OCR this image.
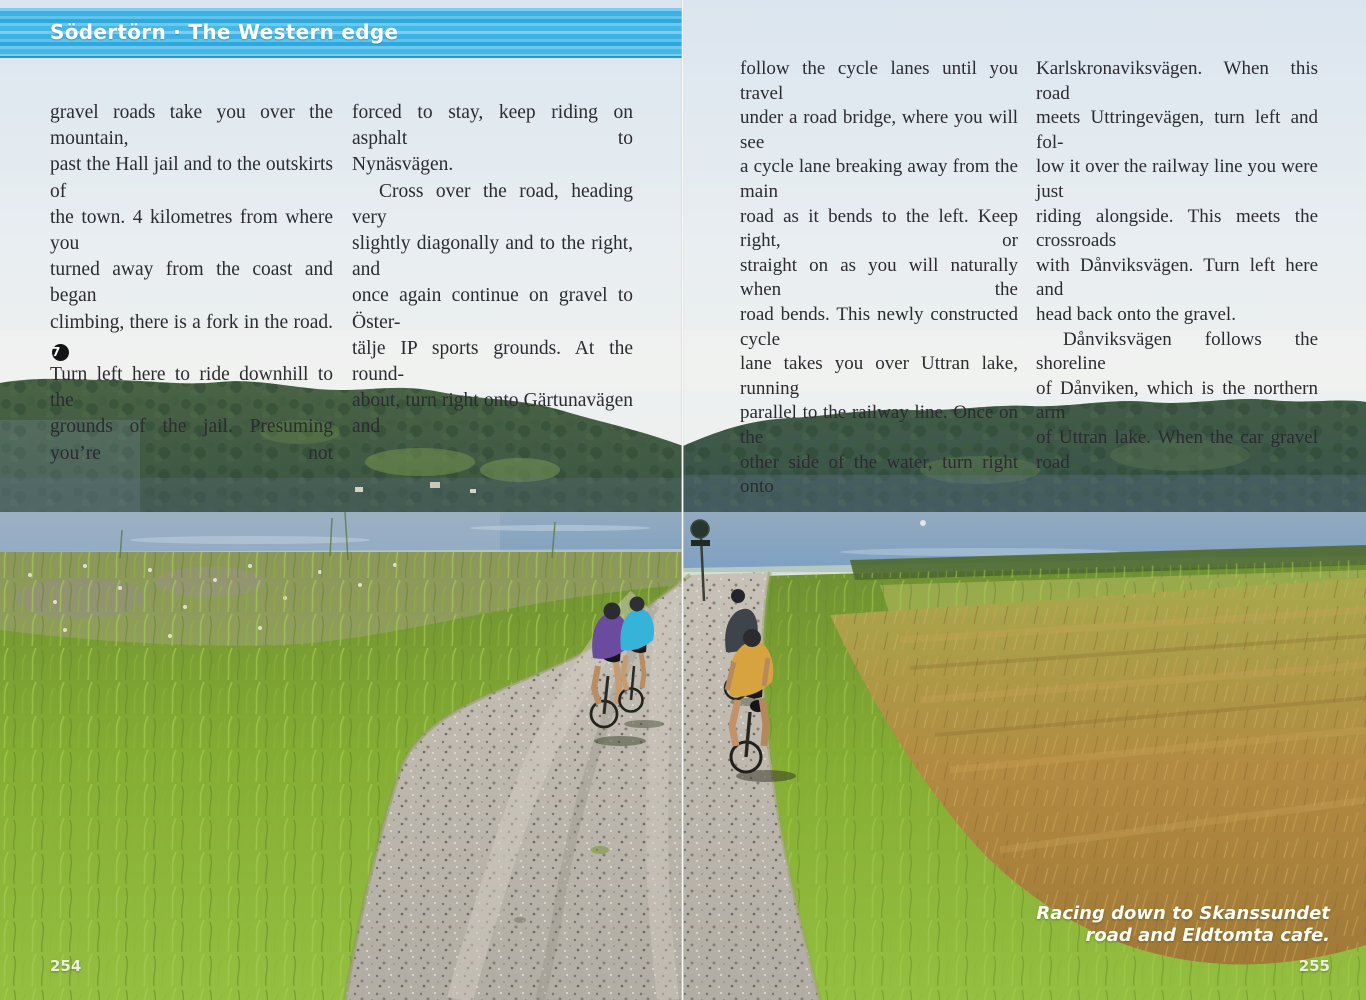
Södertörn · The Western edge
gravel roads take you over the mountain,
past the Hall jail and to the outskirts of
the town. 4 kilometres from where you
turned away from the coast and began
climbing, there is a fork in the road.7
Turn left here to ride downhill to the
grounds of the jail. Presuming you’re not
forced to stay, keep riding on asphalt to
Nynäsvägen.
Cross over the road, heading very
slightly diagonally and to the right, and
once again continue on gravel to Öster-
tälje IP sports grounds. At the round-
about, turn right onto Gärtunavägen and
254
follow the cycle lanes until you travel
under a road bridge, where you will see
a cycle lane breaking away from the main
road as it bends to the left. Keep right, or
straight on as you will naturally when the
road bends. This newly constructed cycle
lane takes you over Uttran lake, running
parallel to the railway line. Once on the
other side of the water, turn right onto
Karlskronaviksvägen. When this road
meets Uttringevägen, turn left and fol-
low it over the railway line you were just
riding alongside. This meets the crossroads
with Dånviksvägen. Turn left here and
head back onto the gravel.
Dånviksvägen follows the shoreline
of Dånviken, which is the northern arm
of Uttran lake. When the car gravel road
Racing down to Skanssundet
road and Eldtomta cafe.
255
